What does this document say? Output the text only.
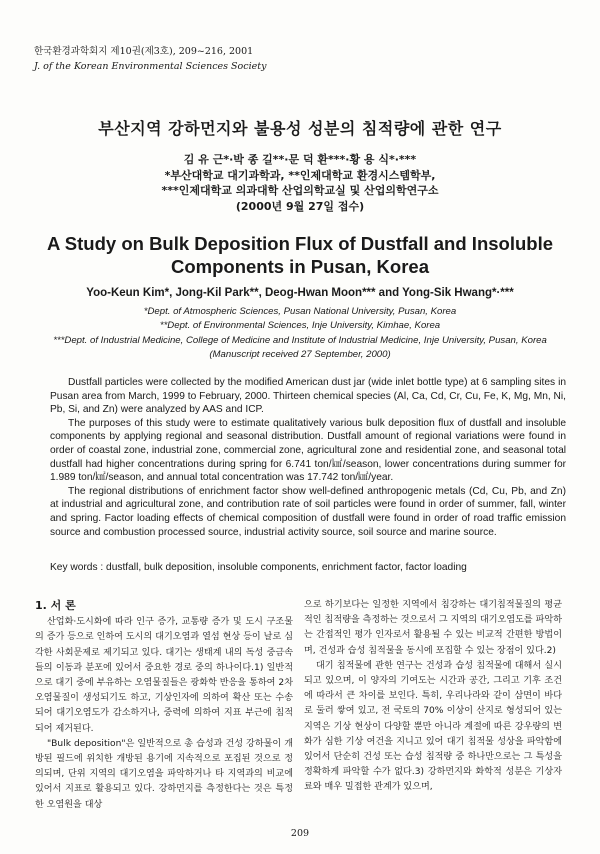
한국환경과학회지 제10권(제3호), 209~216, 2001
J. of the Korean Environmental Sciences Society
부산지역 강하먼지와 불용성 성분의 침적량에 관한 연구
김 유 근*·박 종 길**·문 덕 환***·황 용 식*·***
*부산대학교 대기과학과, **인제대학교 환경시스템학부,
***인제대학교 의과대학 산업의학교실 및 산업의학연구소
(2000년 9월 27일 접수)
A Study on Bulk Deposition Flux of Dustfall and Insoluble
Components in Pusan, Korea
Yoo-Keun Kim*, Jong-Kil Park**, Deog-Hwan Moon*** and Yong-Sik Hwang*·***
*Dept. of Atmospheric Sciences, Pusan National University, Pusan, Korea
**Dept. of Environmental Sciences, Inje University, Kimhae, Korea
***Dept. of Industrial Medicine, College of Medicine and Institute of Industrial Medicine, Inje University, Pusan, Korea
(Manuscript received 27 September, 2000)

Dustfall particles were collected by the modified American dust jar (wide inlet bottle type) at 6 sampling sites in Pusan area from March, 1999 to February, 2000. Thirteen chemical species (Al, Ca, Cd, Cr, Cu, Fe, K, Mg, Mn, Ni, Pb, Si, and Zn) were analyzed by AAS and ICP.

The purposes of this study were to estimate qualitatively various bulk deposition flux of dustfall and insoluble components by applying regional and seasonal distribution. Dustfall amount of regional variations were found in order of coastal zone, industrial zone, commercial zone, agricultural zone and residential zone, and seasonal total dustfall had higher concentrations during spring for 6.741 ton/㎢/season, lower concentrations during summer for 1.989 ton/㎢/season, and annual total concentration was 17.742 ton/㎢/year.

The regional distributions of enrichment factor show well-defined anthropogenic metals (Cd, Cu, Pb, and Zn) at industrial and agricultural zone, and contribution rate of soil particles were found in order of summer, fall, winter and spring. Factor loading effects of chemical composition of dustfall were found in order of road traffic emission source and combustion processed source, industrial activity source, soil source and marine source.

Key words : dustfall, bulk deposition, insoluble components, enrichment factor, factor loading
1. 서 론

산업화·도시화에 따라 인구 증가, 교통량 증가 및 도시 구조물의 증가 등으로 인하여 도시의 대기오염과 열섬 현상 등이 날로 심각한 사회문제로 제기되고 있다. 대기는 생태계 내의 독성 중금속들의 이동과 분포에 있어서 중요한 경로 중의 하나이다.1) 일반적으로 대기 중에 부유하는 오염물질들은 광화학 반응을 통하여 2차 오염물질이 생성되기도 하고, 기상인자에 의하여 확산 또는 수송되어 대기오염도가 감소하거나, 중력에 의하여 지표 부근에 침적되어 제거된다.

"Bulk deposition"은 일반적으로 총 습성과 건성 강하물이 개방된 필드에 위치한 개방된 용기에 지속적으로 포집된 것으로 정의되며, 단위 지역의 대기오염을 파악하거나 타 지역과의 비교에 있어서 지표로 활용되고 있다. 강하먼지를 측정한다는 것은 특정한 오염원을 대상

으로 하기보다는 일정한 지역에서 침강하는 대기침적물질의 평균적인 침적량을 측정하는 것으로서 그 지역의 대기오염도를 파악하는 간접적인 평가 인자로서 활용될 수 있는 비교적 간편한 방법이며, 건성과 습성 침적물을 동시에 포집할 수 있는 장점이 있다.2)

대기 침적물에 관한 연구는 건성과 습성 침적물에 대해서 실시되고 있으며, 이 양자의 기여도는 시간과 공간, 그리고 기후 조건에 따라서 큰 차이를 보인다. 특히, 우리나라와 같이 삼면이 바다로 둘러 쌓여 있고, 전 국토의 70% 이상이 산지로 형성되어 있는 지역은 기상 현상이 다양할 뿐만 아니라 계절에 따른 강우량의 변화가 심한 기상 여건을 지니고 있어 대기 침적물 성상을 파악함에 있어서 단순히 건성 또는 습성 침적량 중 하나만으로는 그 특성을 정확하게 파악할 수가 없다.3) 강하먼지와 화학적 성분은 기상자료와 매우 밀접한 관계가 있으며,

209
